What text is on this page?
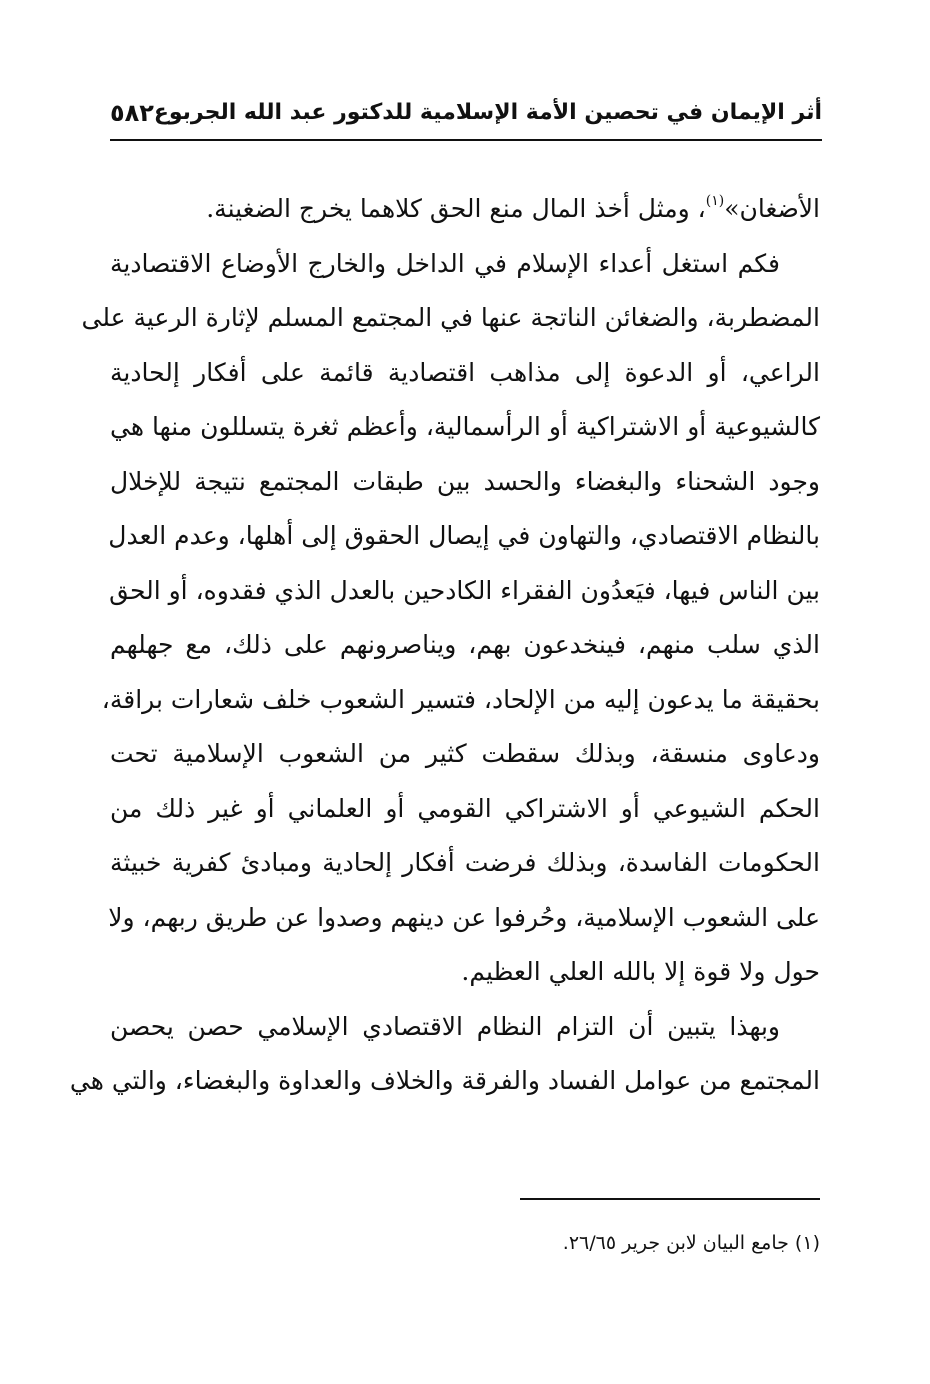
أثر الإيمان في تحصين الأمة الإسلامية للدكتور عبد الله الجربوع
٥٨٢
الأضغان»$^{(١)}$، ومثل أخذ المال منع الحق كلاهما يخرج الضغينة.
فكم استغل أعداء الإسلام في الداخل والخارج الأوضاع الاقتصادية
المضطربة، والضغائن الناتجة عنها في المجتمع المسلم لإثارة الرعية على
الراعي، أو الدعوة إلى مذاهب اقتصادية قائمة على أفكار إلحادية
كالشيوعية أو الاشتراكية أو الرأسمالية، وأعظم ثغرة يتسللون منها هي
وجود الشحناء والبغضاء والحسد بين طبقات المجتمع نتيجة للإخلال
بالنظام الاقتصادي، والتهاون في إيصال الحقوق إلى أهلها، وعدم العدل
بين الناس فيها، فيَعدُون الفقراء الكادحين بالعدل الذي فقدوه، أو الحق
الذي سلب منهم، فينخدعون بهم، ويناصرونهم على ذلك، مع جهلهم
بحقيقة ما يدعون إليه من الإلحاد، فتسير الشعوب خلف شعارات براقة،
ودعاوى منسقة، وبذلك سقطت كثير من الشعوب الإسلامية تحت
الحكم الشيوعي أو الاشتراكي القومي أو العلماني أو غير ذلك من
الحكومات الفاسدة، وبذلك فرضت أفكار إلحادية ومبادئ كفرية خبيثة
على الشعوب الإسلامية، وحُرفوا عن دينهم وصدوا عن طريق ربهم، ولا
حول ولا قوة إلا بالله العلي العظيم.
وبهذا يتبين أن التزام النظام الاقتصادي الإسلامي حصن يحصن
المجتمع من عوامل الفساد والفرقة والخلاف والعداوة والبغضاء، والتي هي
(١) جامع البيان لابن جرير ٢٦/٦٥.
